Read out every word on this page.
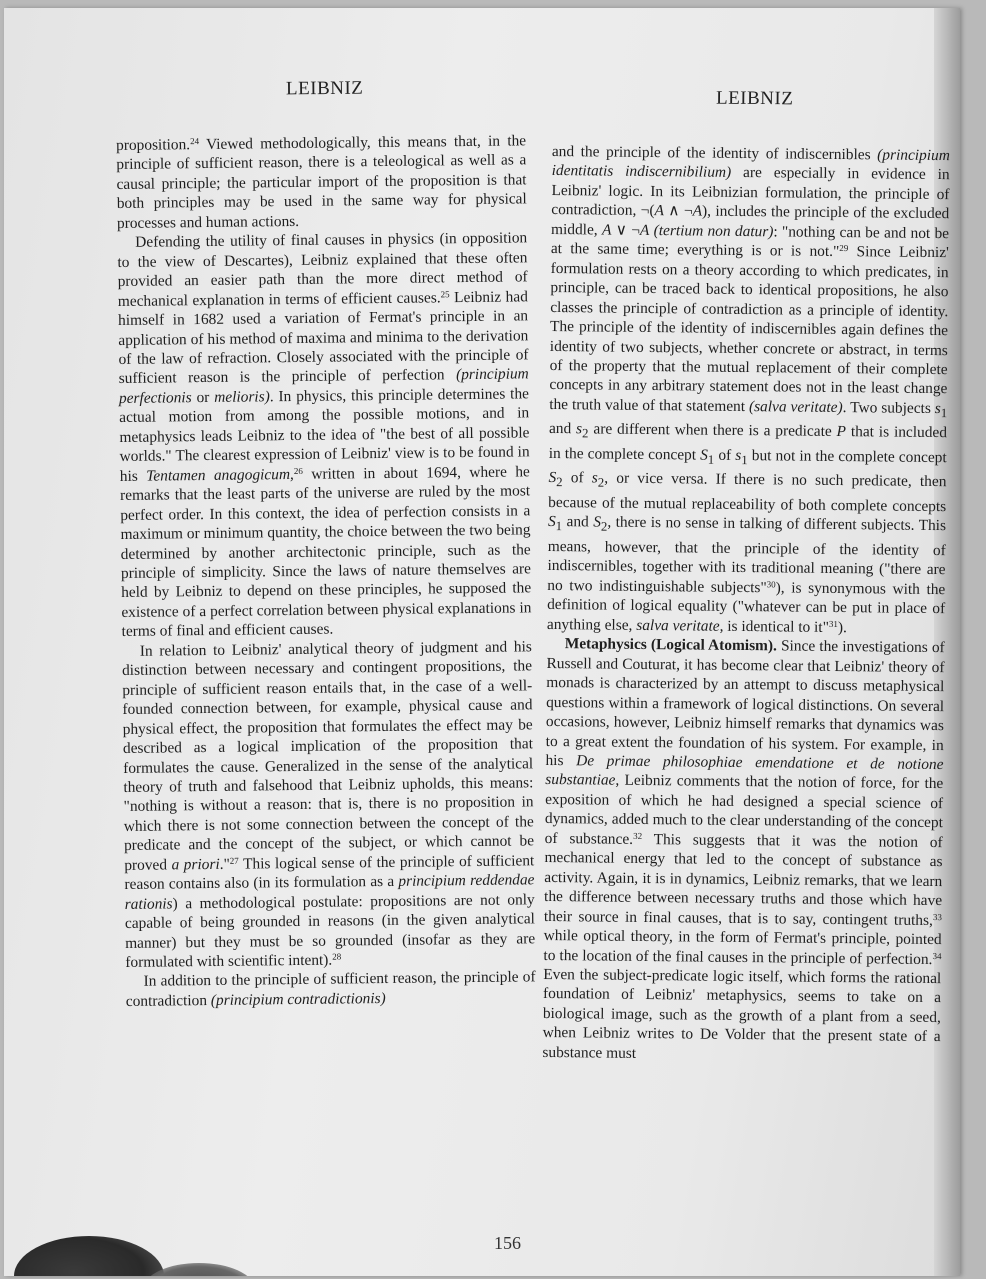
LEIBNIZ	LEIBNIZ

proposition.$^{24}$ Viewed methodologically, this means that, in the principle of sufficient reason, there is a teleological as well as a causal principle; the particular import of the proposition is that both principles may be used in the same way for physical processes and human actions.

Defending the utility of final causes in physics (in opposition to the view of Descartes), Leibniz explained that these often provided an easier path than the more direct method of mechanical explanation in terms of efficient causes.$^{25}$ Leibniz had himself in 1682 used a variation of Fermat's principle in an application of his method of maxima and minima to the derivation of the law of refraction. Closely associated with the principle of sufficient reason is the principle of perfection (principium perfectionis or melioris). In physics, this principle determines the actual motion from among the possible motions, and in metaphysics leads Leibniz to the idea of "the best of all possible worlds." The clearest expression of Leibniz' view is to be found in his Tentamen anagogicum,$^{26}$ written in about 1694, where he remarks that the least parts of the universe are ruled by the most perfect order. In this context, the idea of perfection consists in a maximum or minimum quantity, the choice between the two being determined by another architectonic principle, such as the principle of simplicity. Since the laws of nature themselves are held by Leibniz to depend on these principles, he supposed the existence of a perfect correlation between physical explanations in terms of final and efficient causes.

In relation to Leibniz' analytical theory of judgment and his distinction between necessary and contingent propositions, the principle of sufficient reason entails that, in the case of a well-founded connection between, for example, physical cause and physical effect, the proposition that formulates the effect may be described as a logical implication of the proposition that formulates the cause. Generalized in the sense of the analytical theory of truth and falsehood that Leibniz upholds, this means: "nothing is without a reason: that is, there is no proposition in which there is not some connection between the concept of the predicate and the concept of the subject, or which cannot be proved a priori."$^{27}$ This logical sense of the principle of sufficient reason contains also (in its formulation as a principium reddendae rationis) a methodological postulate: propositions are not only capable of being grounded in reasons (in the given analytical manner) but they must be so grounded (insofar as they are formulated with scientific intent).$^{28}$

In addition to the principle of sufficient reason, the principle of contradiction (principium contradictionis)

and the principle of the identity of indiscernibles (principium identitatis indiscernibilium) are especially in evidence in Leibniz' logic. In its Leibnizian formulation, the principle of contradiction, ¬(A ∧ ¬A), includes the principle of the excluded middle, A ∨ ¬A (tertium non datur): "nothing can be and not be at the same time; everything is or is not."$^{29}$ Since Leibniz' formulation rests on a theory according to which predicates, in principle, can be traced back to identical propositions, he also classes the principle of contradiction as a principle of identity. The principle of the identity of indiscernibles again defines the identity of two subjects, whether concrete or abstract, in terms of the property that the mutual replacement of their complete concepts in any arbitrary statement does not in the least change the truth value of that statement (salva veritate). Two subjects $s_1$ and $s_2$ are different when there is a predicate P that is included in the complete concept $S_1$ of $s_1$ but not in the complete concept $S_2$ of $s_2$, or vice versa. If there is no such predicate, then because of the mutual replaceability of both complete concepts $S_1$ and $S_2$, there is no sense in talking of different subjects. This means, however, that the principle of the identity of indiscernibles, together with its traditional meaning ("there are no two indistinguishable subjects"$^{30}$), is synonymous with the definition of logical equality ("whatever can be put in place of anything else, salva veritate, is identical to it"$^{31}$).

Metaphysics (Logical Atomism). Since the investigations of Russell and Couturat, it has become clear that Leibniz' theory of monads is characterized by an attempt to discuss metaphysical questions within a framework of logical distinctions. On several occasions, however, Leibniz himself remarks that dynamics was to a great extent the foundation of his system. For example, in his De primae philosophiae emendatione et de notione substantiae, Leibniz comments that the notion of force, for the exposition of which he had designed a special science of dynamics, added much to the clear understanding of the concept of substance.$^{32}$ This suggests that it was the notion of mechanical energy that led to the concept of substance as activity. Again, it is in dynamics, Leibniz remarks, that we learn the difference between necessary truths and those which have their source in final causes, that is to say, contingent truths,$^{33}$ while optical theory, in the form of Fermat's principle, pointed to the location of the final causes in the principle of perfection.$^{34}$ Even the subject-predicate logic itself, which forms the rational foundation of Leibniz' metaphysics, seems to take on a biological image, such as the growth of a plant from a seed, when Leibniz writes to De Volder that the present state of a substance must

156
